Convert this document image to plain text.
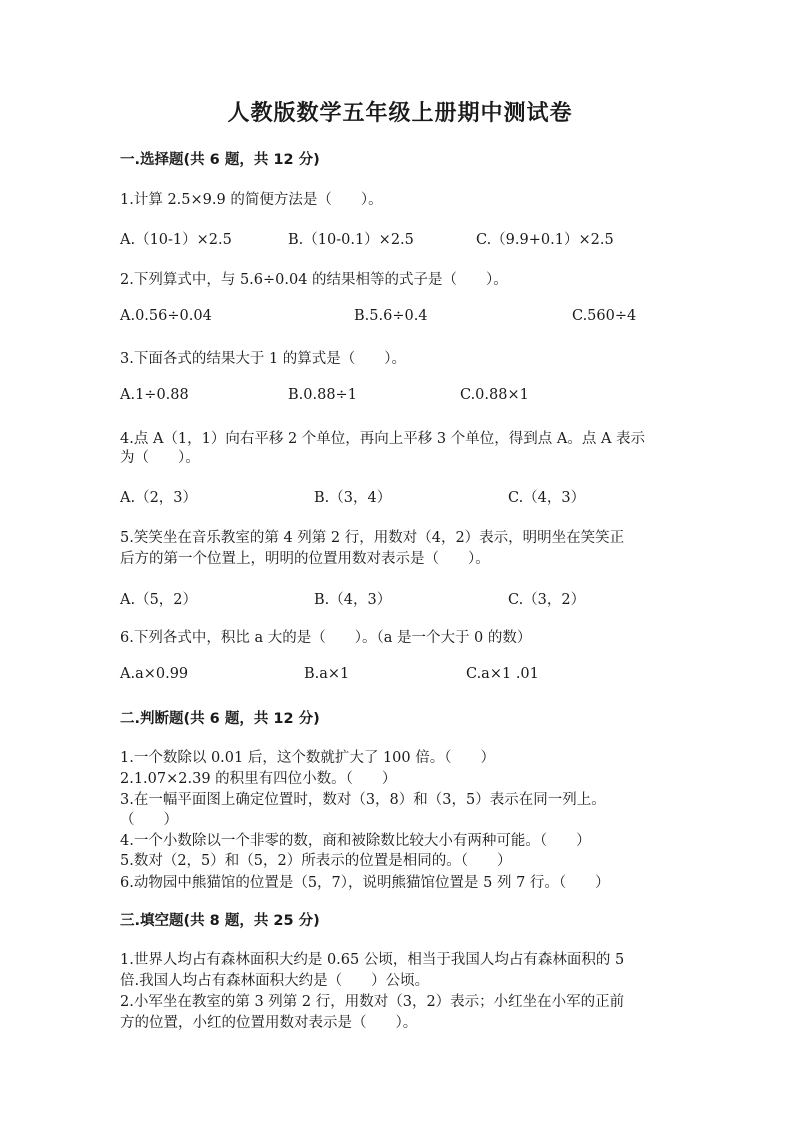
人教版数学五年级上册期中测试卷
一.选择题(共 6 题，共 12 分)
1.计算 2.5×9.9 的简便方法是（　　）。
A.（10-1）×2.5	B.（10-0.1）×2.5	C.（9.9+0.1）×2.5
2.下列算式中，与 5.6÷0.04 的结果相等的式子是（　　）。
A.0.56÷0.04	B.5.6÷0.4	C.560÷4
3.下面各式的结果大于 1 的算式是（　　）。
A.1÷0.88	B.0.88÷1	C.0.88×1
4.点 A（1，1）向右平移 2 个单位，再向上平移 3 个单位，得到点 A。点 A 表示
为（　　）。
A.（2，3）	B.（3，4）	C.（4，3）
5.笑笑坐在音乐教室的第 4 列第 2 行，用数对（4，2）表示，明明坐在笑笑正
后方的第一个位置上，明明的位置用数对表示是（　　）。
A.（5，2）	B.（4，3）	C.（3，2）
6.下列各式中，积比 a 大的是（　　）。（a 是一个大于 0 的数）
A.a×0.99	B.a×1	C.a×1 .01
二.判断题(共 6 题，共 12 分)
1.一个数除以 0.01 后，这个数就扩大了 100 倍。（　　）
2.1.07×2.39 的积里有四位小数。（　　）
3.在一幅平面图上确定位置时，数对（3，8）和（3，5）表示在同一列上。
（　　）
4.一个小数除以一个非零的数，商和被除数比较大小有两种可能。（　　）
5.数对（2，5）和（5，2）所表示的位置是相同的。（　　）
6.动物园中熊猫馆的位置是（5，7），说明熊猫馆位置是 5 列 7 行。（　　）
三.填空题(共 8 题，共 25 分)
1.世界人均占有森林面积大约是 0.65 公顷，相当于我国人均占有森林面积的 5
倍.我国人均占有森林面积大约是（　　）公顷。
2.小军坐在教室的第 3 列第 2 行，用数对（3，2）表示；小红坐在小军的正前
方的位置，小红的位置用数对表示是（　　）。
